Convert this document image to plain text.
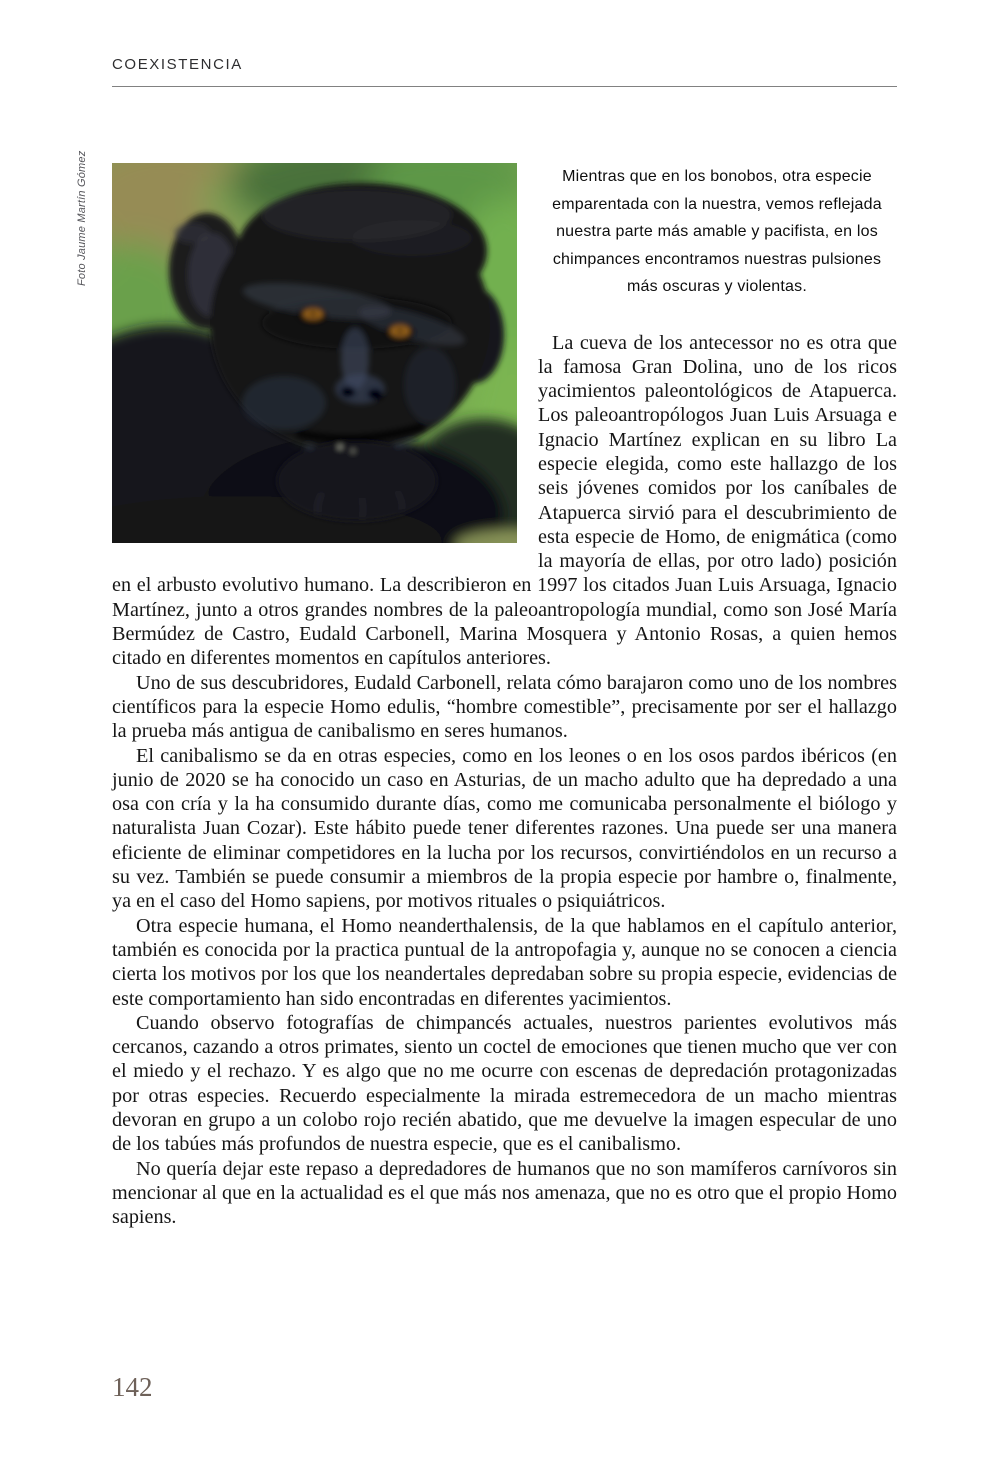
COEXISTENCIA
Foto Jaume Martín Gómez	Mientras que en los bonobos, otra especie emparentada con la nuestra, vemos reflejada nuestra parte más amable y pacifista, en los chimpances encontramos nuestras pulsiones más oscuras y violentas.

La cueva de los antecessor no es otra que la famosa Gran Dolina, uno de los ricos yacimientos paleontológicos de Atapuerca. Los paleoantropólogos Juan Luis Arsuaga e Ignacio Martínez explican en su libro La especie elegida, como este hallazgo de los seis jóvenes comidos por los caníbales de Atapuerca sirvió para el descubrimiento de esta especie de Homo, de enigmática (como la mayoría de ellas, por otro lado) posición en el arbusto evolutivo humano. La describieron en 1997 los citados Juan Luis Arsuaga, Ignacio Martínez, junto a otros grandes nombres de la paleoantropología mundial, como son José María Bermúdez de Castro, Eudald Carbonell, Marina Mosquera y Antonio Rosas, a quien hemos citado en diferentes momentos en capítulos anteriores.

Uno de sus descubridores, Eudald Carbonell, relata cómo barajaron como uno de los nombres científicos para la especie Homo edulis, “hombre comestible”, precisamente por ser el hallazgo la prueba más antigua de canibalismo en seres humanos.

El canibalismo se da en otras especies, como en los leones o en los osos pardos ibéricos (en junio de 2020 se ha conocido un caso en Asturias, de un macho adulto que ha depredado a una osa con cría y la ha consumido durante días, como me comunicaba personalmente el biólogo y naturalista Juan Cozar). Este hábito puede tener diferentes razones. Una puede ser una manera eficiente de eliminar competidores en la lucha por los recursos, convirtiéndolos en un recurso a su vez. También se puede consumir a miembros de la propia especie por hambre o, finalmente, ya en el caso del Homo sapiens, por motivos rituales o psiquiátricos.

Otra especie humana, el Homo neanderthalensis, de la que hablamos en el capítulo anterior, también es conocida por la practica puntual de la antropofagia y, aunque no se conocen a ciencia cierta los motivos por los que los neandertales depredaban sobre su propia especie, evidencias de este comportamiento han sido encontradas en diferentes yacimientos.

Cuando observo fotografías de chimpancés actuales, nuestros parientes evolutivos más cercanos, cazando a otros primates, siento un coctel de emociones que tienen mucho que ver con el miedo y el rechazo. Y es algo que no me ocurre con escenas de depredación protagonizadas por otras especies. Recuerdo especialmente la mirada estremecedora de un macho mientras devoran en grupo a un colobo rojo recién abatido, que me devuelve la imagen especular de uno de los tabúes más profundos de nuestra especie, que es el canibalismo.

No quería dejar este repaso a depredadores de humanos que no son mamíferos carnívoros sin mencionar al que en la actualidad es el que más nos amenaza, que no es otro que el propio Homo sapiens.

142
